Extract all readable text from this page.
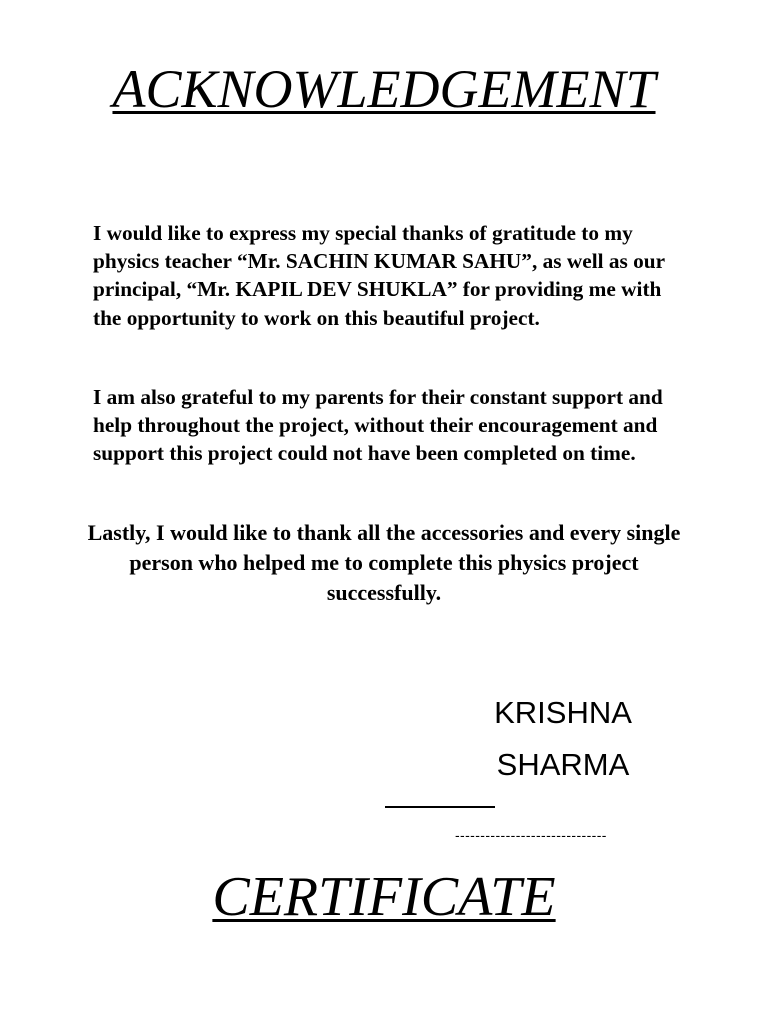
ACKNOWLEDGEMENT

I would like to express my special thanks of gratitude to my physics teacher “Mr. SACHIN KUMAR SAHU”, as well as our principal, “Mr. KAPIL DEV SHUKLA” for providing me with the opportunity to work on this beautiful project.

I am also grateful to my parents for their constant support and help throughout the project, without their encouragement and support this project could not have been completed on time.

Lastly, I would like to thank all the accessories and every single person who helped me to complete this physics project successfully.

KRISHNA
SHARMA
------------------------------
CERTIFICATE
